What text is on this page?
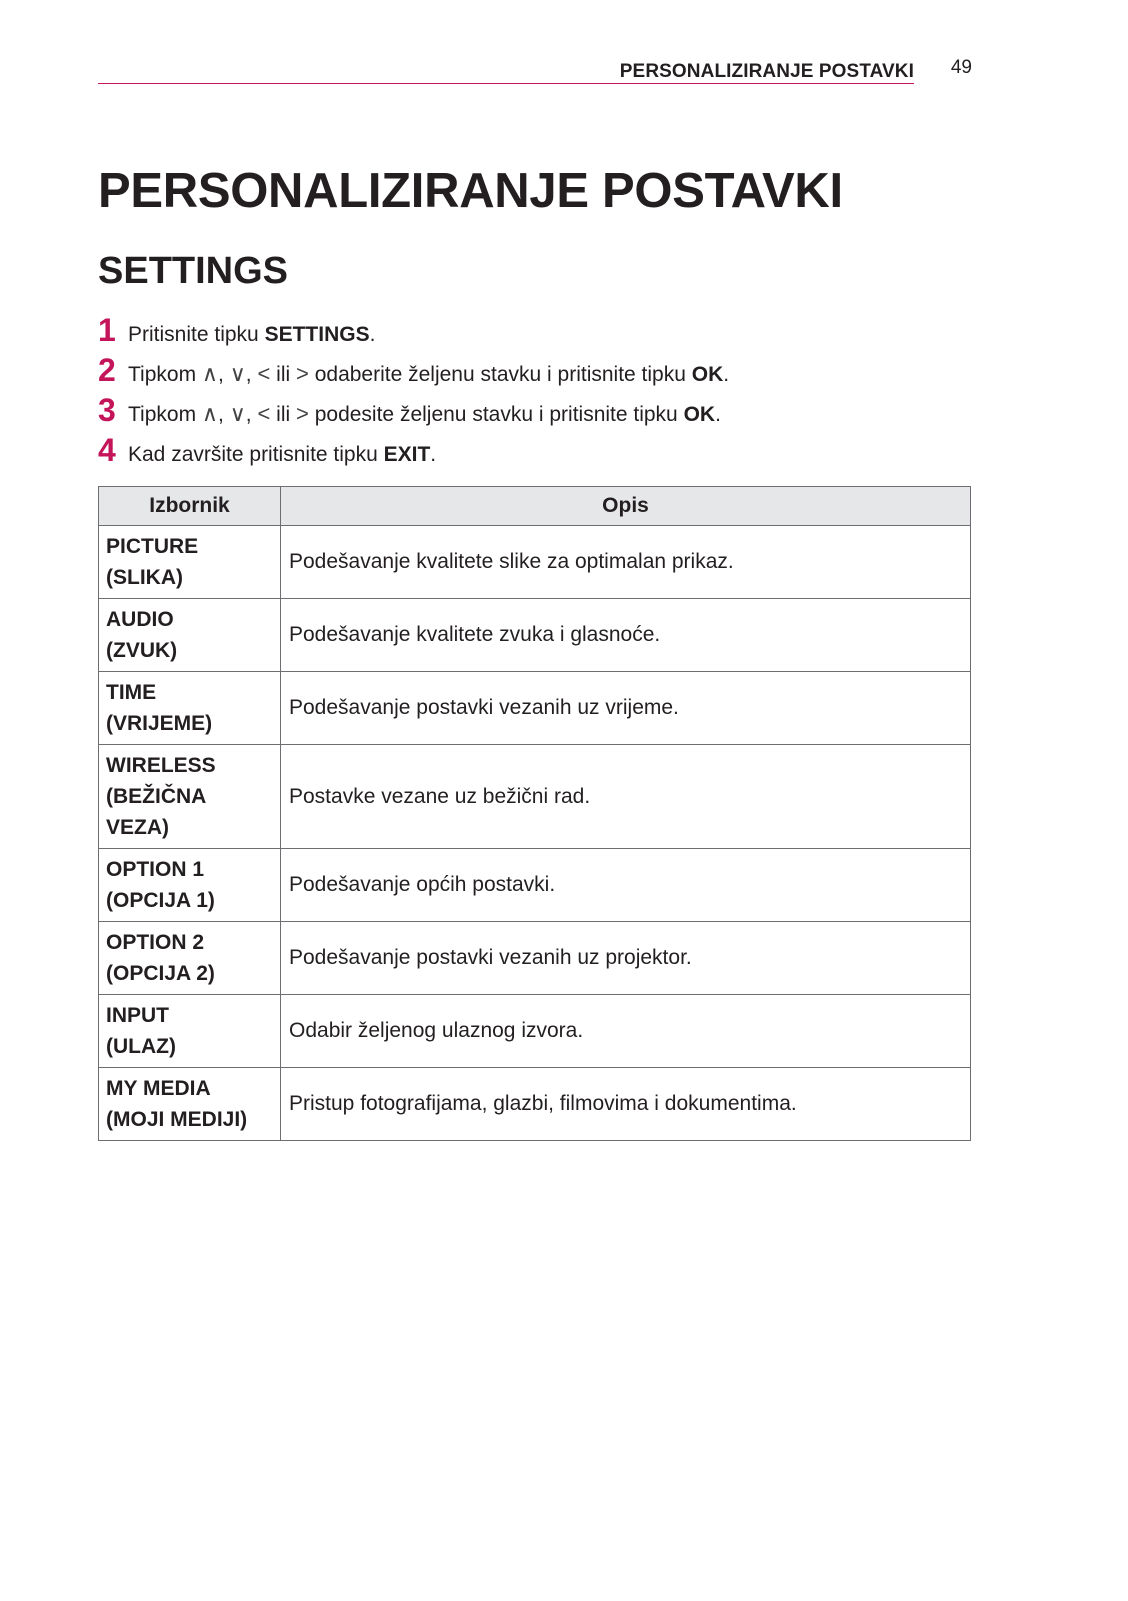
PERSONALIZIRANJE POSTAVKI 49
PERSONALIZIRANJE POSTAVKI
SETTINGS
1 Pritisnite tipku SETTINGS.
2 Tipkom ∧, ∨, < ili > odaberite željenu stavku i pritisnite tipku OK.
3 Tipkom ∧, ∨, < ili > podesite željenu stavku i pritisnite tipku OK.
4 Kad završite pritisnite tipku EXIT.
Izbornik	Opis

PICTURE
(SLIKA)	Podešavanje kvalitete slike za optimalan prikaz.

AUDIO
(ZVUK)	Podešavanje kvalitete zvuka i glasnoće.

TIME
(VRIJEME)	Podešavanje postavki vezanih uz vrijeme.

WIRELESS
(BEŽIČNA
VEZA)	Postavke vezane uz bežični rad.

OPTION 1
(OPCIJA 1)	Podešavanje općih postavki.

OPTION 2
(OPCIJA 2)	Podešavanje postavki vezanih uz projektor.

INPUT
(ULAZ)	Odabir željenog ulaznog izvora.

MY MEDIA
(MOJI MEDIJI)	Pristup fotografijama, glazbi, filmovima i dokumentima.
